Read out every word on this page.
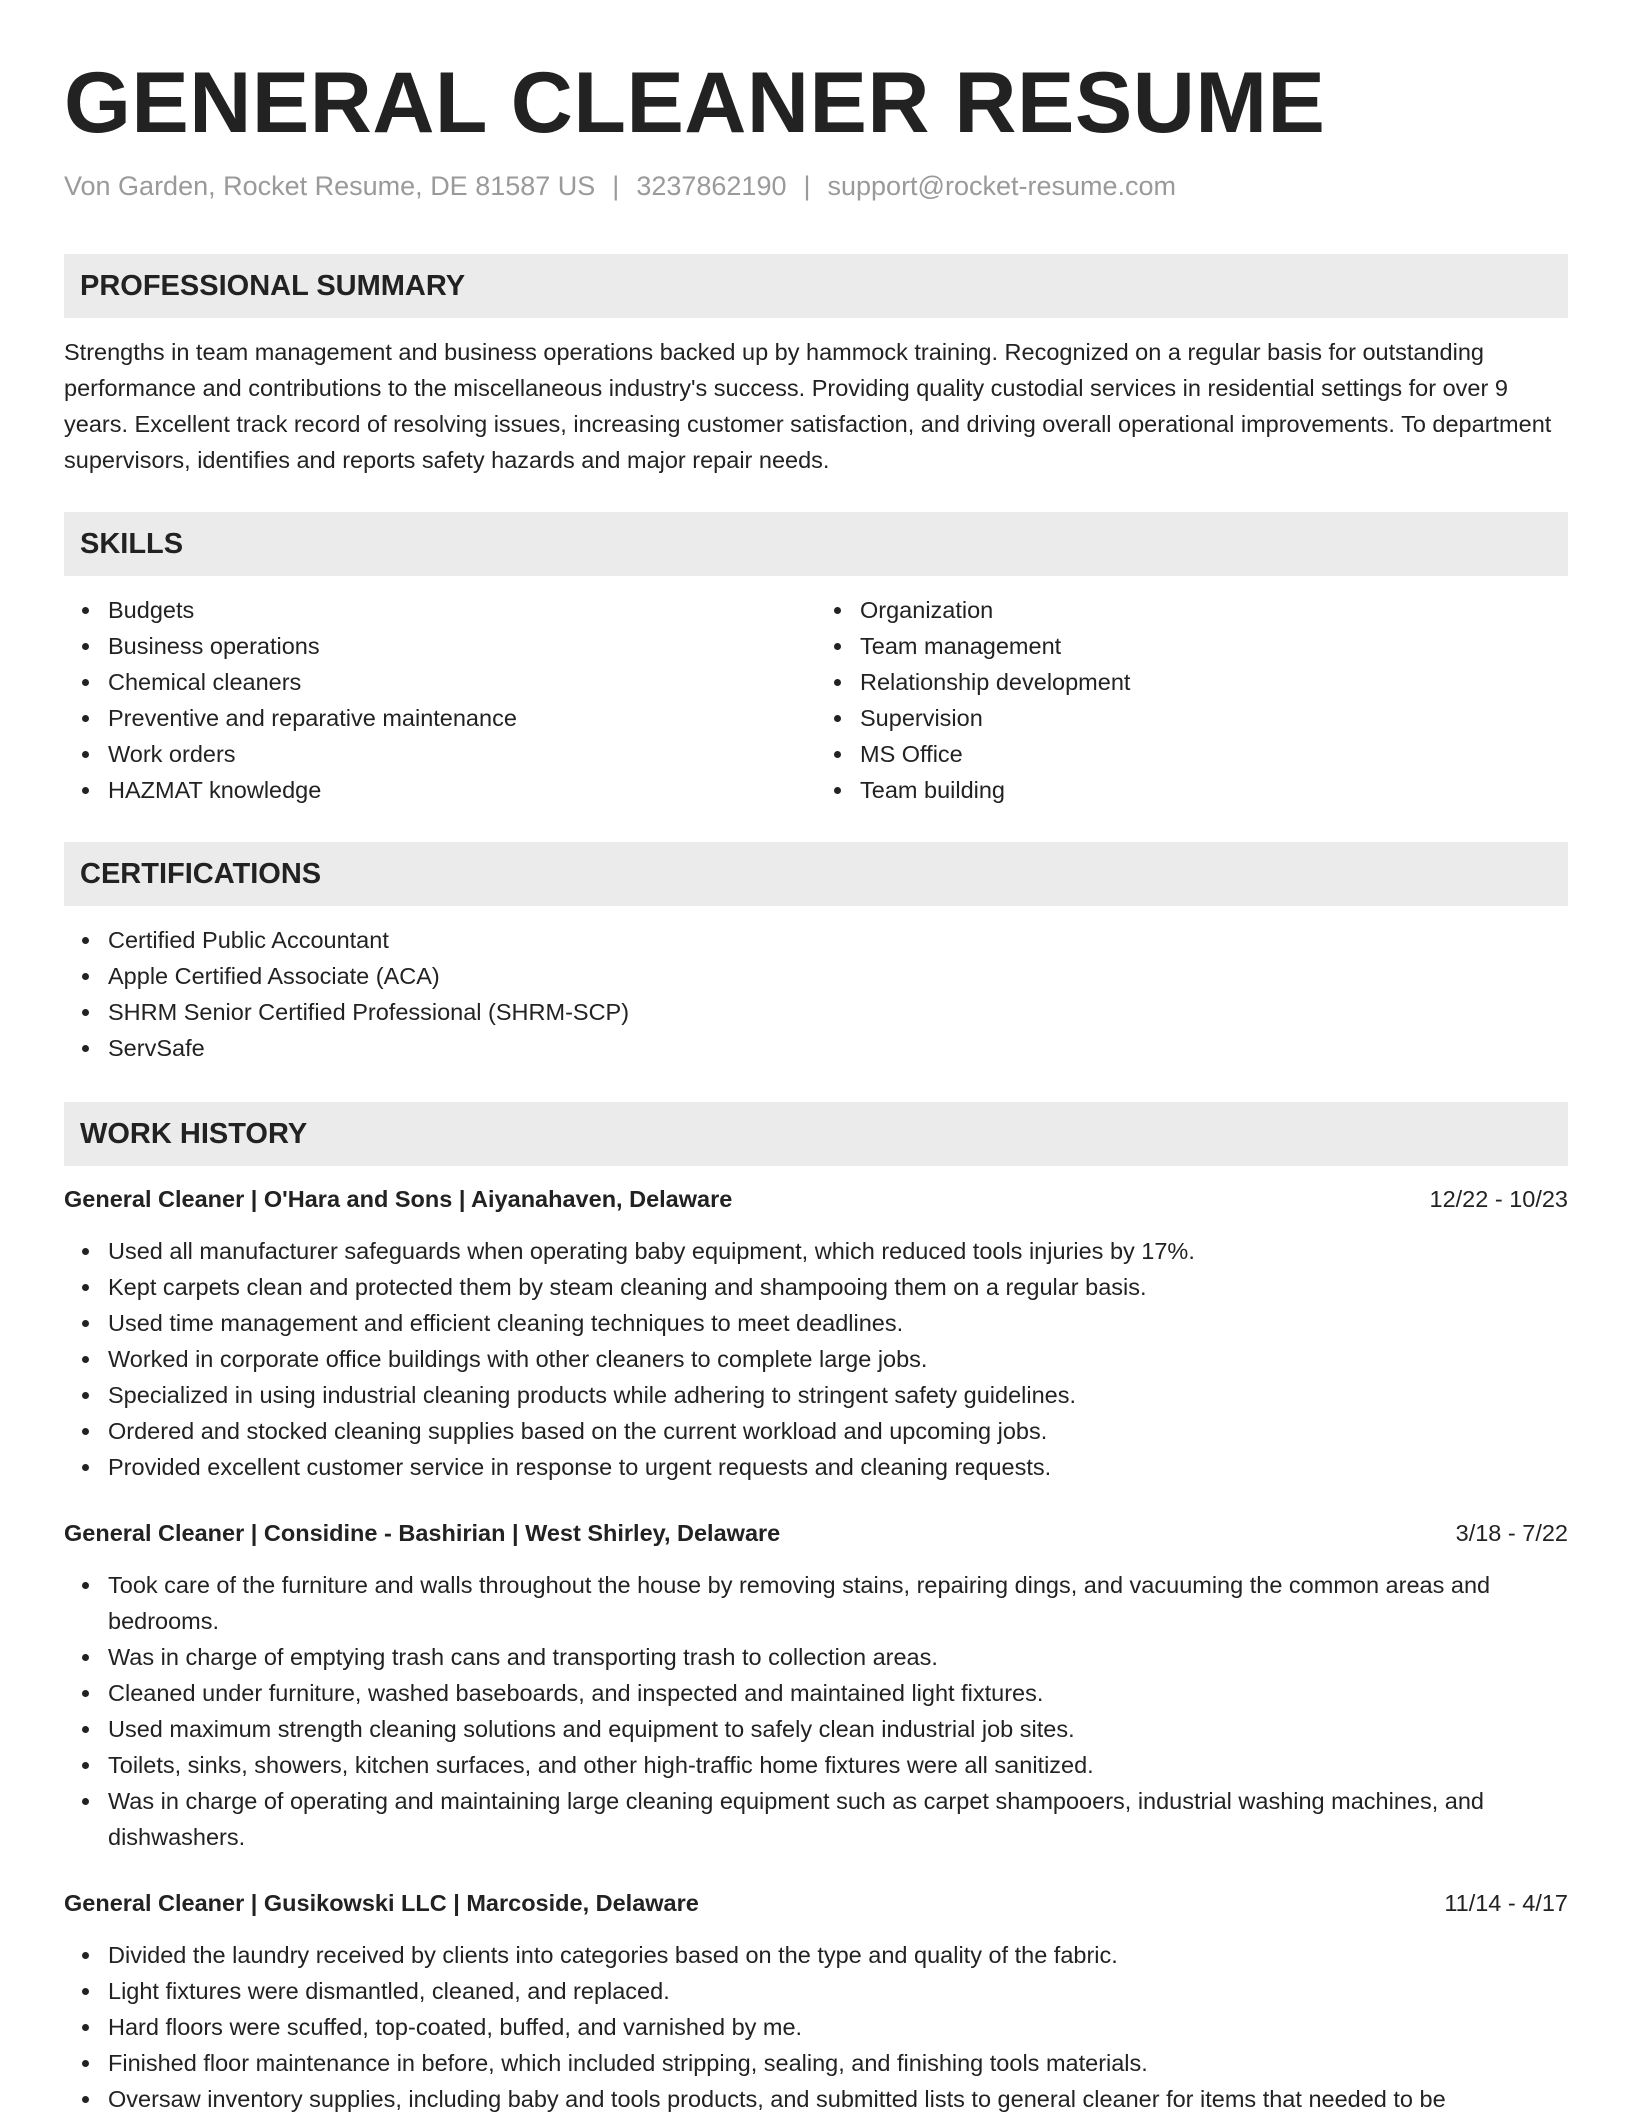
GENERAL CLEANER RESUME
Von Garden, Rocket Resume, DE 81587 US | 3237862190 | support@rocket-resume.com
PROFESSIONAL SUMMARY

Strengths in team management and business operations backed up by hammock training. Recognized on a regular basis for outstanding performance and contributions to the miscellaneous industry's success. Providing quality custodial services in residential settings for over 9 years. Excellent track record of resolving issues, increasing customer satisfaction, and driving overall operational improvements. To department supervisors, identifies and reports safety hazards and major repair needs.

SKILLS
Budgets
Business operations
Chemical cleaners
Preventive and reparative maintenance
Work orders
HAZMAT knowledge
Organization
Team management
Relationship development
Supervision
MS Office
Team building
CERTIFICATIONS
Certified Public Accountant
Apple Certified Associate (ACA)
SHRM Senior Certified Professional (SHRM-SCP)
ServSafe
WORK HISTORY
General Cleaner | O'Hara and Sons | Aiyanahaven, Delaware	12/22 - 10/23
Used all manufacturer safeguards when operating baby equipment, which reduced tools injuries by 17%.
Kept carpets clean and protected them by steam cleaning and shampooing them on a regular basis.
Used time management and efficient cleaning techniques to meet deadlines.
Worked in corporate office buildings with other cleaners to complete large jobs.
Specialized in using industrial cleaning products while adhering to stringent safety guidelines.
Ordered and stocked cleaning supplies based on the current workload and upcoming jobs.
Provided excellent customer service in response to urgent requests and cleaning requests.
General Cleaner | Considine - Bashirian | West Shirley, Delaware	3/18 - 7/22
Took care of the furniture and walls throughout the house by removing stains, repairing dings, and vacuuming the common areas and bedrooms.
Was in charge of emptying trash cans and transporting trash to collection areas.
Cleaned under furniture, washed baseboards, and inspected and maintained light fixtures.
Used maximum strength cleaning solutions and equipment to safely clean industrial job sites.
Toilets, sinks, showers, kitchen surfaces, and other high-traffic home fixtures were all sanitized.
Was in charge of operating and maintaining large cleaning equipment such as carpet shampooers, industrial washing machines, and dishwashers.
General Cleaner | Gusikowski LLC | Marcoside, Delaware	11/14 - 4/17
Divided the laundry received by clients into categories based on the type and quality of the fabric.
Light fixtures were dismantled, cleaned, and replaced.
Hard floors were scuffed, top-coated, buffed, and varnished by me.
Finished floor maintenance in before, which included stripping, sealing, and finishing tools materials.
Oversaw inventory supplies, including baby and tools products, and submitted lists to general cleaner for items that needed to be
